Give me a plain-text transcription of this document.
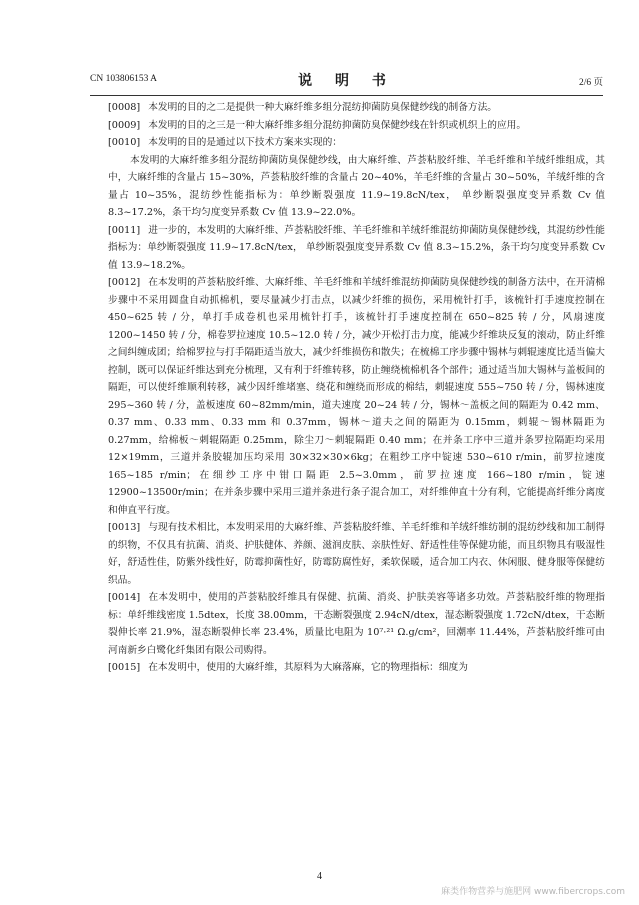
CN 103806153 A	说 明 书	2/6 页

[0008] 本发明的目的之二是提供一种大麻纤维多组分混纺抑菌防臭保健纱线的制备方法。

[0009] 本发明的目的之三是一种大麻纤维多组分混纺抑菌防臭保健纱线在针织或机织上的应用。

[0010] 本发明的目的是通过以下技术方案来实现的：

本发明的大麻纤维多组分混纺抑菌防臭保健纱线，由大麻纤维、芦荟粘胶纤维、羊毛纤维和羊绒纤维组成，其中，大麻纤维的含量占 15~30%，芦荟粘胶纤维的含量占 20~40%，羊毛纤维的含量占 30~50%，羊绒纤维的含量占 10~35%，混纺纱性能指标为：单纱断裂强度 11.9~19.8cN/tex， 单纱断裂强度变异系数 Cv 值 8.3~17.2%，条干均匀度变异系数 Cv 值 13.9~22.0%。

[0011] 进一步的，本发明的大麻纤维、芦荟粘胶纤维、羊毛纤维和羊绒纤维混纺抑菌防臭保健纱线，其混纺纱性能指标为：单纱断裂强度 11.9~17.8cN/tex， 单纱断裂强度变异系数 Cv 值 8.3~15.2%，条干均匀度变异系数 Cv 值 13.9~18.2%。

[0012] 在本发明的芦荟粘胶纤维、大麻纤维、羊毛纤维和羊绒纤维混纺抑菌防臭保健纱线的制备方法中，在开清棉步骤中不采用圆盘自动抓棉机，要尽量减少打击点，以减少纤维的损伤，采用梳针打手，该梳针打手速度控制在 450~625 转 / 分，单打手成卷机也采用梳针打手，该梳针打手速度控制在 650~825 转 / 分，风扇速度 1200~1450 转 / 分，棉卷罗拉速度 10.5~12.0 转 / 分，减少开松打击力度，能减少纤维块反复的滚动，防止纤维之间纠缠成团；给棉罗拉与打手隔距适当放大，减少纤维损伤和散失；在梳棉工序步骤中锡林与刺辊速度比适当偏大控制，既可以保证纤维达到充分梳理，又有利于纤维转移，防止缠绕梳棉机各个部件；通过适当加大锡林与盖板间的隔距，可以使纤维顺利转移，减少因纤维堵塞、绕花和缠绕而形成的棉结，刺辊速度 555~750 转 / 分，锡林速度 295~360 转 / 分，盖板速度 60~82mm/min，道夫速度 20~24 转 / 分，锡林～盖板之间的隔距为 0.42 mm、0.37 mm、0.33 mm、0.33 mm 和 0.37mm，锡林～道夫之间的隔距为 0.15mm，刺辊～锡林隔距为 0.27mm，给棉板～刺辊隔距 0.25mm，除尘刀～刺辊隔距 0.40 mm；在并条工序中三道并条罗拉隔距均采用 12×19mm，三道并条胶辊加压均采用 30×32×30×6kg；在粗纱工序中锭速 530~610 r/min，前罗拉速度 165~185 r/min；在细纱工序中钳口隔距 2.5~3.0mm，前罗拉速度 166~180 r/min，锭速 12900~13500r/min；在并条步骤中采用三道并条进行条子混合加工，对纤维伸直十分有利，它能提高纤维分离度和伸直平行度。

[0013] 与现有技术相比，本发明采用的大麻纤维、芦荟粘胶纤维、羊毛纤维和羊绒纤维纺制的混纺纱线和加工制得的织物，不仅具有抗菌、消炎、护肤健体、养颜、滋润皮肤、亲肤性好、舒适性佳等保健功能，而且织物具有吸湿性好，舒适性佳，防紫外线性好，防霉抑菌性好，防霉防腐性好，柔软保暖，适合加工内衣、休闲服、健身服等保健纺织品。

[0014] 在本发明中，使用的芦荟粘胶纤维具有保健、抗菌、消炎、护肤美容等诸多功效。芦荟粘胶纤维的物理指标：单纤维线密度 1.5dtex，长度 38.00mm，干态断裂强度 2.94cN/dtex，湿态断裂强度 1.72cN/dtex，干态断裂伸长率 21.9%，湿态断裂伸长率 23.4%，质量比电阻为 10⁷·²¹ Ω.g/cm²，回潮率 11.44%，芦荟粘胶纤维可由河南新乡白鹭化纤集团有限公司购得。

[0015] 在本发明中，使用的大麻纤维，其原料为大麻落麻，它的物理指标：细度为

4
麻类作物营养与施肥网 www.fibercrops.com
